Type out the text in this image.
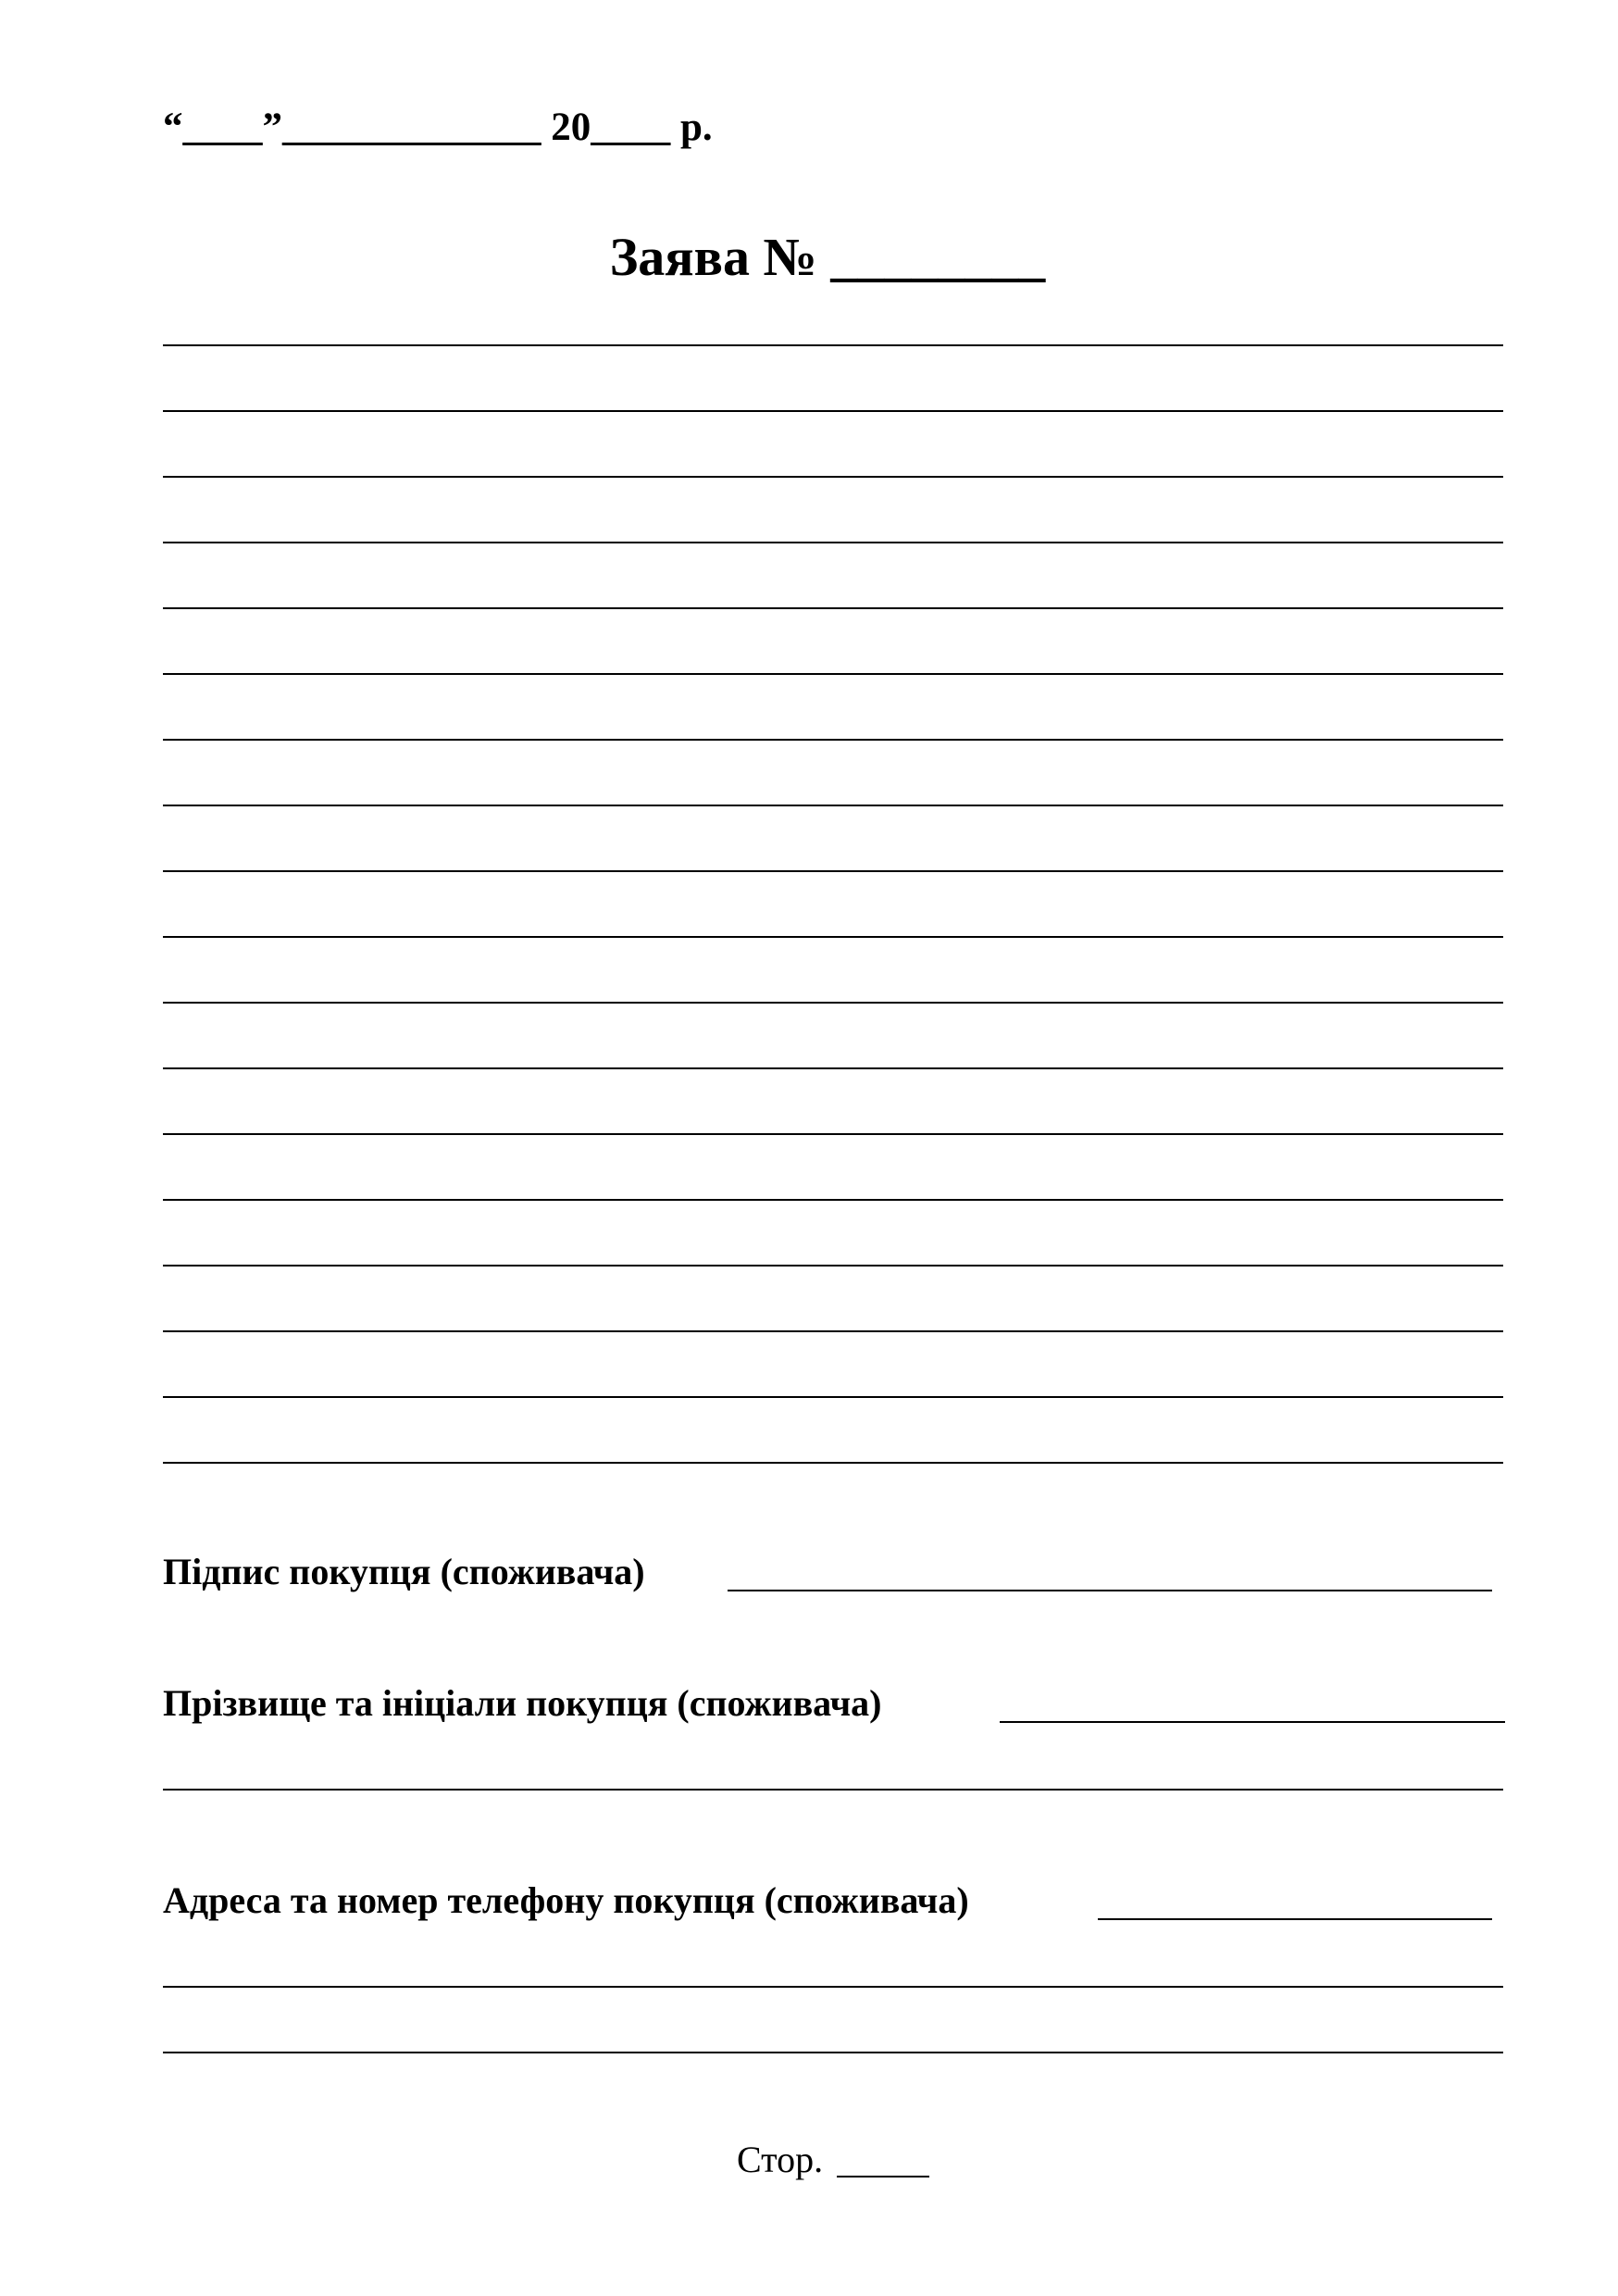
“____”_____________ 20____ р.
Заява № ________
Підпис покупця (споживача)
Прізвище та ініціали покупця (споживача)
Адреса та номер телефону покупця (споживача)
Стор.
